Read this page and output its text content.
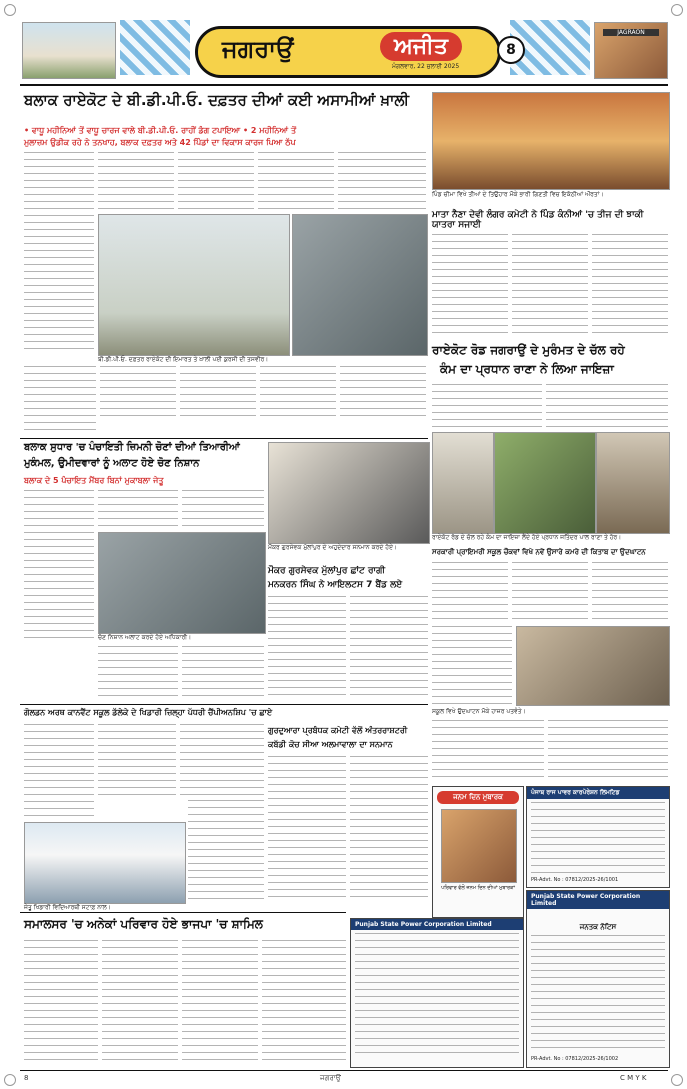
JAGRAON
ਜਗਰਾਉਂ	ਅਜੀਤ
ਮੰਗਲਵਾਰ, 22 ਜੁਲਾਈ 2025
8
ਬਲਾਕ ਰਾਏਕੋਟ ਦੇ ਬੀ.ਡੀ.ਪੀ.ਓ. ਦਫ਼ਤਰ ਦੀਆਂ ਕਈ ਅਸਾਮੀਆਂ ਖ਼ਾਲੀ
• ਵਾਧੂ ਮਹੀਨਿਆਂ ਤੋਂ ਵਾਧੂ ਚਾਰਜ ਵਾਲੇ ਬੀ.ਡੀ.ਪੀ.ਓ. ਰਾਹੀਂ ਡੰਗ ਟਪਾਇਆ • 2 ਮਹੀਨਿਆਂ ਤੋਂ
ਮੁਲਾਜ਼ਮ ਉਡੀਕ ਰਹੇ ਨੇ ਤਨਖਾਹ, ਬਲਾਕ ਦਫ਼ਤਰ ਅਤੇ 42 ਪਿੰਡਾਂ ਦਾ ਵਿਕਾਸ ਕਾਰਜ ਪਿਆ ਠੱਪ
ਬੀ.ਡੀ.ਪੀ.ਓ. ਦਫ਼ਤਰ ਰਾਏਕੋਟ ਦੀ ਇਮਾਰਤ ਤੇ ਖ਼ਾਲੀ ਪਈ ਕੁਰਸੀ ਦੀ ਤਸਵੀਰ।
ਪਿੰਡ ਚੀਮਾ ਵਿਖੇ ਤੀਆਂ ਦੇ ਤਿਉਹਾਰ ਮੌਕੇ ਭਾਰੀ ਗਿਣਤੀ ਵਿਚ ਇਕੱਠੀਆਂ ਔਰਤਾਂ।
ਮਾਤਾ ਨੈਣਾ ਦੇਵੀ ਲੰਗਰ ਕਮੇਟੀ ਨੇ ਪਿੰਡ ਕੰਨੀਆਂ 'ਚ ਤੀਜ ਦੀ ਝਾਕੀ ਯਾਤਰਾ ਸਜਾਈ
ਰਾਏਕੋਟ ਰੋਡ ਜਗਰਾਉਂ ਦੇ ਮੁਰੰਮਤ ਦੇ ਚੱਲ ਰਹੇ
ਕੰਮ ਦਾ ਪ੍ਰਧਾਨ ਰਾਣਾ ਨੇ ਲਿਆ ਜਾਇਜ਼ਾ
ਰਾਏਕੋਟ ਰੋਡ ਦੇ ਚੱਲ ਰਹੇ ਕੰਮ ਦਾ ਜਾਇਜ਼ਾ ਲੈਂਦੇ ਹੋਏ ਪ੍ਰਧਾਨ ਜਤਿੰਦਰ ਪਾਲ ਰਾਣਾ ਤੇ ਹੋਰ।
ਬਲਾਕ ਸੁਧਾਰ 'ਚ ਪੰਚਾਇਤੀ ਜ਼ਿਮਨੀ ਚੋਣਾਂ ਦੀਆਂ ਤਿਆਰੀਆਂ
ਮੁਕੰਮਲ, ਉਮੀਦਵਾਰਾਂ ਨੂੰ ਅਲਾਟ ਹੋਏ ਚੋਣ ਨਿਸ਼ਾਨ
ਬਲਾਕ ਦੇ 5 ਪੰਚਾਇਤ ਮੈਂਬਰ ਬਿਨਾਂ ਮੁਕਾਬਲਾ ਜੇਤੂ
ਚੋਣ ਨਿਸ਼ਾਨ ਅਲਾਟ ਕਰਦੇ ਹੋਏ ਅਧਿਕਾਰੀ।
ਮੌਕਰ ਗੁਰਸੇਵਕ ਮੁੱਲਾਂਪੁਰ ਦੇ ਅਹੁਦੇਦਾਰ ਸਨਮਾਨ ਕਰਦੇ ਹੋਏ।
ਮੌਕਰ ਗੁਰਸੇਵਕ ਮੁੱਲਾਂਪੁਰ ਛਾਂਟ ਰਾਗੀ
ਮਨਕਰਨ ਸਿੰਘ ਨੇ ਆਇਲਟਸ 7 ਬੈਂਡ ਲਏ
ਸਰਕਾਰੀ ਪ੍ਰਾਇਮਰੀ ਸਕੂਲ ਚੌਕਵਾਂ ਵਿਖੇ ਨਵੇਂ ਉਸਾਰੇ ਕਮਰੇ ਦੀ ਕਿਤਾਬ ਦਾ ਉਦਘਾਟਨ
ਸਕੂਲ ਵਿਖੇ ਉਦਘਾਟਨ ਮੌਕੇ ਹਾਜ਼ਰ ਪਤਵੰਤੇ।
ਗੋਲਡਨ ਅਰਥ ਕਾਨਵੈਂਟ ਸਕੂਲ ਡੱਲੇਕੇ ਦੇ ਖਿਡਾਰੀ ਜ਼ਿਲ੍ਹਾ ਪੱਧਰੀ ਚੈਂਪੀਅਨਸ਼ਿਪ 'ਚ ਛਾਏ
ਜੇਤੂ ਖਿਡਾਰੀ ਵਿਦਿਆਰਥੀ ਸਟਾਫ਼ ਨਾਲ।
ਗੁਰਦੁਆਰਾ ਪ੍ਰਬੰਧਕ ਕਮੇਟੀ ਵੱਲੋਂ ਅੰਤਰਰਾਸ਼ਟਰੀ
ਕਬੱਡੀ ਕੋਚ ਸੀਆ ਅਲਮਾਵਾਲਾ ਦਾ ਸਨਮਾਨ
ਜਨਮ ਦਿਨ ਮੁਬਾਰਕ
ਪਰਿਵਾਰ ਵੱਲੋਂ ਜਨਮ ਦਿਨ ਦੀਆਂ ਮੁਬਾਰਕਾਂ
ਪੰਜਾਬ ਰਾਜ ਪਾਵਰ ਕਾਰਪੋਰੇਸ਼ਨ ਲਿਮਟਿਡ
PR-Advt. No : 07812/2025-26/1001
Punjab State Power Corporation Limited
ਜਨਤਕ ਨੋਟਿਸ
PR-Advt. No : 07812/2025-26/1002
Punjab State Power Corporation Limited
ਸਮਾਲਸਰ 'ਚ ਅਨੇਕਾਂ ਪਰਿਵਾਰ ਹੋਏ ਭਾਜਪਾ 'ਚ ਸ਼ਾਮਿਲ
8	ਜਗਰਾਉਂ	C M Y K
